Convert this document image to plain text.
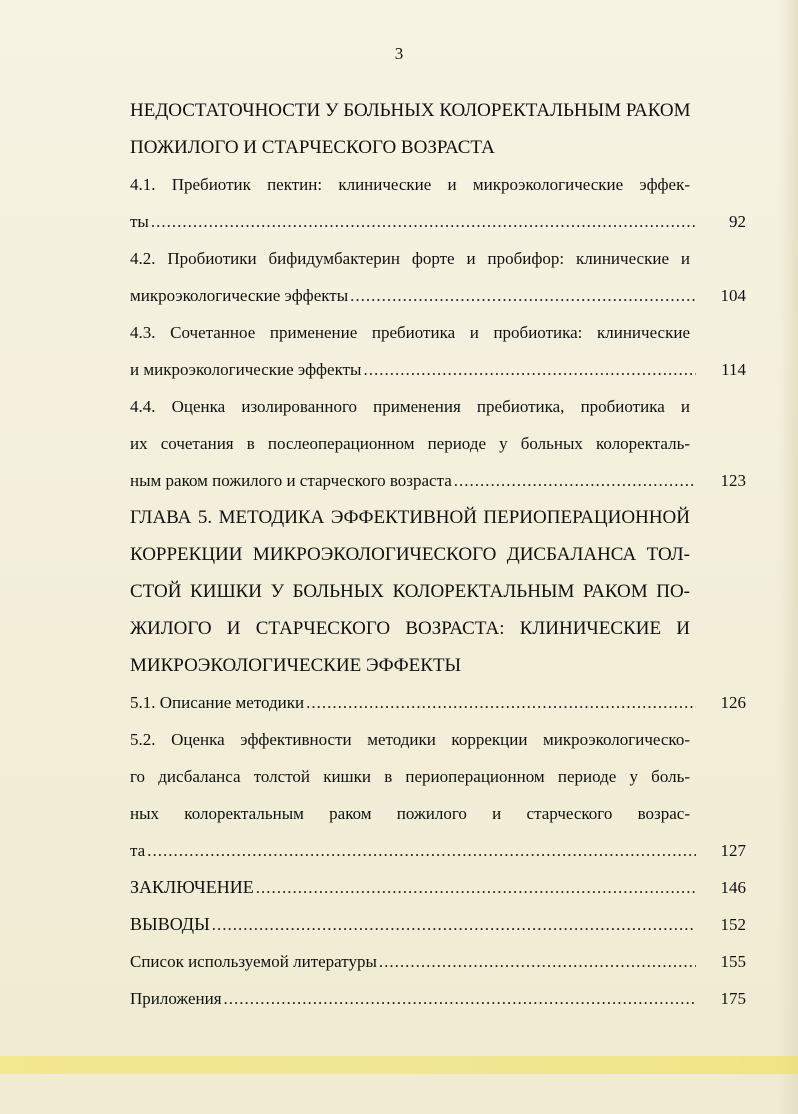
3
НЕДОСТАТОЧНОСТИ У БОЛЬНЫХ КОЛОРЕКТАЛЬНЫМ РАКОМ
ПОЖИЛОГО И СТАРЧЕСКОГО ВОЗРАСТА
4.1. Пребиотик пектин: клинические и микроэкологические эффек-
ты .....	92
4.2. Пробиотики бифидумбактерин форте и пробифор: клинические и
микроэкологические эффекты .....	104
4.3. Сочетанное применение пребиотика и пробиотика: клинические
и микроэкологические эффекты .....	114
4.4. Оценка изолированного применения пребиотика, пробиотика и
их сочетания в послеоперационном периоде у больных колоректаль-
ным раком пожилого и старческого возраста .....	123
ГЛАВА 5. МЕТОДИКА ЭФФЕКТИВНОЙ ПЕРИОПЕРАЦИОННОЙ
КОРРЕКЦИИ МИКРОЭКОЛОГИЧЕСКОГО ДИСБАЛАНСА ТОЛ-
СТОЙ КИШКИ У БОЛЬНЫХ КОЛОРЕКТАЛЬНЫМ РАКОМ ПО-
ЖИЛОГО И СТАРЧЕСКОГО ВОЗРАСТА: КЛИНИЧЕСКИЕ И
МИКРОЭКОЛОГИЧЕСКИЕ ЭФФЕКТЫ
5.1. Описание методики .....	126
5.2. Оценка эффективности методики коррекции микроэкологическо-
го дисбаланса толстой кишки в периоперационном периоде у боль-
ных колоректальным раком пожилого и старческого возрас-
та .....	127
ЗАКЛЮЧЕНИЕ .....	146
ВЫВОДЫ .....	152
Список используемой литературы .....	155
Приложения .....	175
